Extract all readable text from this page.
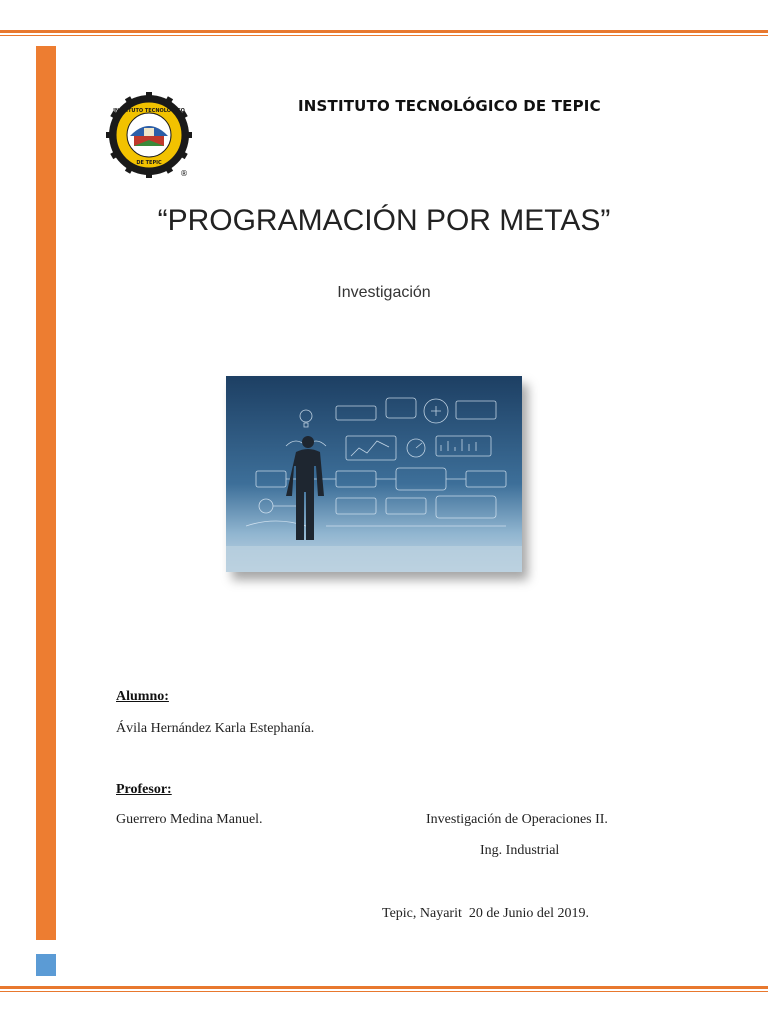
INSTITUTO TECNOLÓGICO
DE TEPIC
®
INSTITUTO TECNOLÓGICO DE TEPIC
“PROGRAMACIÓN POR METAS”
Investigación
Alumno:
Ávila Hernández Karla Estephanía.
Profesor:
Guerrero Medina Manuel.	Investigación de Operaciones II.
Ing. Industrial
Tepic, Nayarit  20 de Junio del 2019.
